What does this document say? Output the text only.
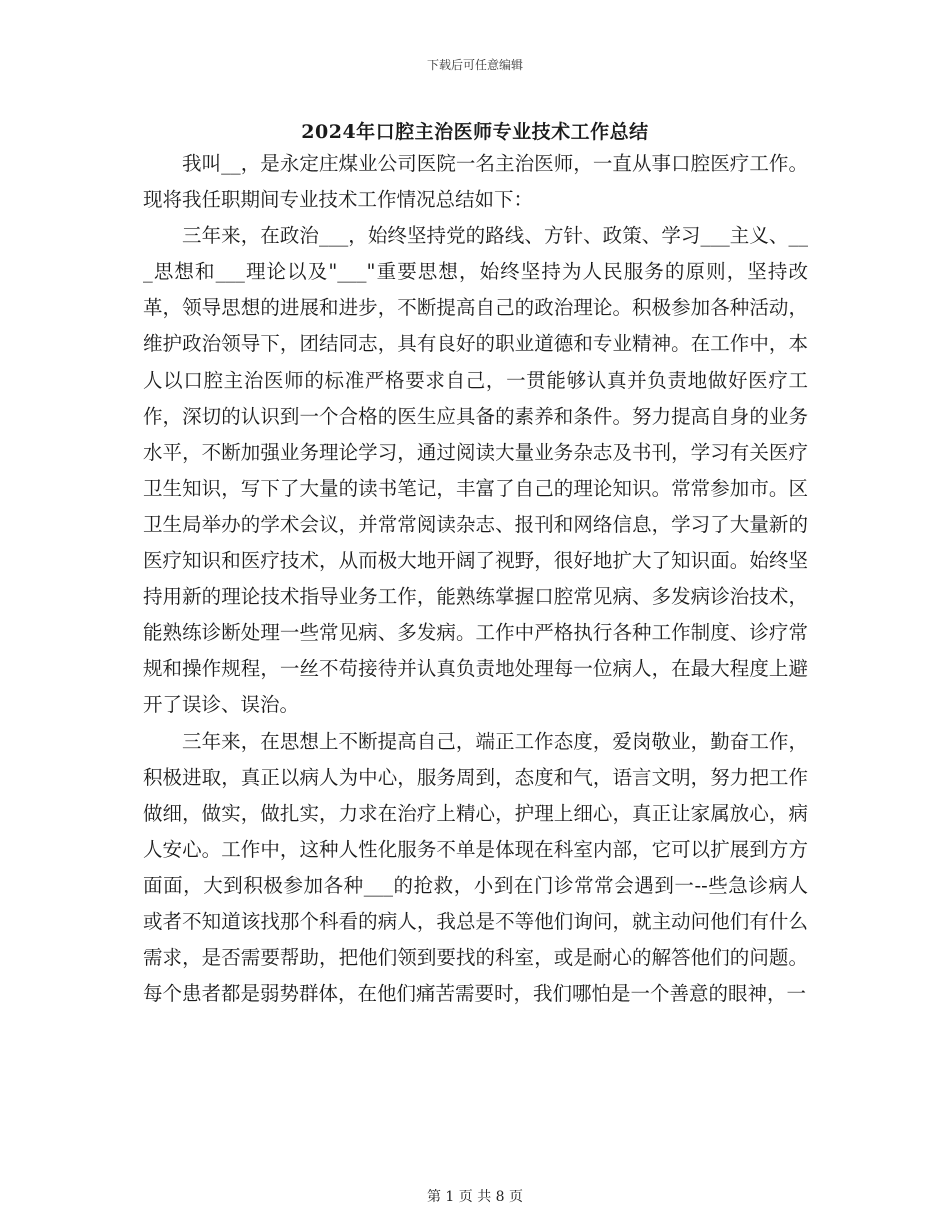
下载后可任意编辑
2024年口腔主治医师专业技术工作总结

我叫__，是永定庄煤业公司医院一名主治医师，一直从事口腔医疗工作。现将我任职期间专业技术工作情况总结如下：

三年来，在政治___，始终坚持党的路线、方针、政策、学习___主义、___思想和___理论以及"___"重要思想，始终坚持为人民服务的原则，坚持改革，领导思想的进展和进步，不断提高自己的政治理论。积极参加各种活动，维护政治领导下，团结同志，具有良好的职业道德和专业精神。在工作中，本人以口腔主治医师的标准严格要求自己，一贯能够认真并负责地做好医疗工作，深切的认识到一个合格的医生应具备的素养和条件。努力提高自身的业务水平，不断加强业务理论学习，通过阅读大量业务杂志及书刊，学习有关医疗卫生知识，写下了大量的读书笔记，丰富了自己的理论知识。常常参加市。区卫生局举办的学术会议，并常常阅读杂志、报刊和网络信息，学习了大量新的医疗知识和医疗技术，从而极大地开阔了视野，很好地扩大了知识面。始终坚持用新的理论技术指导业务工作，能熟练掌握口腔常见病、多发病诊治技术，能熟练诊断处理一些常见病、多发病。工作中严格执行各种工作制度、诊疗常规和操作规程，一丝不苟接待并认真负责地处理每一位病人，在最大程度上避开了误诊、误治。

三年来，在思想上不断提高自己，端正工作态度，爱岗敬业，勤奋工作，积极进取，真正以病人为中心，服务周到，态度和气，语言文明，努力把工作做细，做实，做扎实，力求在治疗上精心，护理上细心，真正让家属放心，病人安心。工作中，这种人性化服务不单是体现在科室内部，它可以扩展到方方面面，大到积极参加各种___的抢救，小到在门诊常常会遇到一--些急诊病人或者不知道该找那个科看的病人，我总是不等他们询问，就主动问他们有什么需求，是否需要帮助，把他们领到要找的科室，或是耐心的解答他们的问题。每个患者都是弱势群体，在他们痛苦需要时，我们哪怕是一个善意的眼神，一

第 1 页 共 8 页
